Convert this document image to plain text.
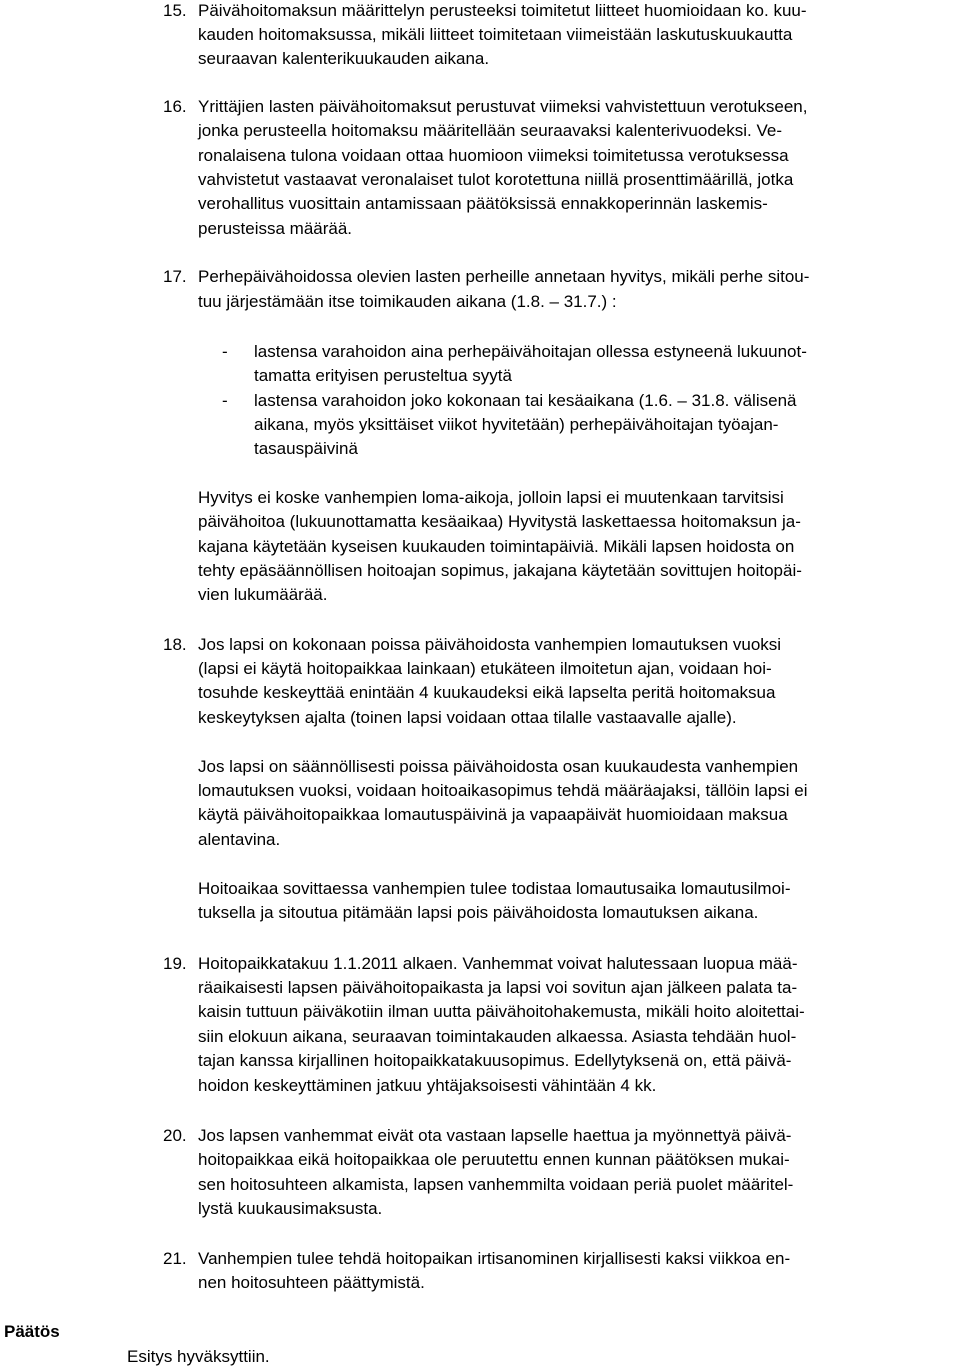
15. Päivähoitomaksun määrittelyn perusteeksi toimitetut liitteet huomioidaan ko. kuu-
kauden hoitomaksussa, mikäli liitteet toimitetaan viimeistään laskutuskuukautta
seuraavan kalenterikuukauden aikana.
16. Yrittäjien lasten päivähoitomaksut perustuvat viimeksi vahvistettuun verotukseen,
jonka perusteella hoitomaksu määritellään seuraavaksi kalenterivuodeksi. Ve-
ronalaisena tulona voidaan ottaa huomioon viimeksi toimitetussa verotuksessa
vahvistetut vastaavat veronalaiset tulot korotettuna niillä prosenttimäärillä, jotka
verohallitus vuosittain antamissaan päätöksissä ennakkoperinnän laskemis-
perusteissa määrää.
17. Perhepäivähoidossa olevien lasten perheille annetaan hyvitys, mikäli perhe sitou-
tuu järjestämään itse toimikauden aikana (1.8. – 31.7.) :
- lastensa varahoidon aina perhepäivähoitajan ollessa estyneenä lukuunot-
tamatta erityisen perusteltua syytä
- lastensa varahoidon joko kokonaan tai kesäaikana (1.6. – 31.8. välisenä
aikana, myös yksittäiset viikot hyvitetään) perhepäivähoitajan työajan-
tasauspäivinä
Hyvitys ei koske vanhempien loma-aikoja, jolloin lapsi ei muutenkaan tarvitsisi
päivähoitoa (lukuunottamatta kesäaikaa) Hyvitystä laskettaessa hoitomaksun ja-
kajana käytetään kyseisen kuukauden toimintapäiviä. Mikäli lapsen hoidosta on
tehty epäsäännöllisen hoitoajan sopimus, jakajana käytetään sovittujen hoitopäi-
vien lukumäärää.
18. Jos lapsi on kokonaan poissa päivähoidosta vanhempien lomautuksen vuoksi
(lapsi ei käytä hoitopaikkaa lainkaan) etukäteen ilmoitetun ajan, voidaan hoi-
tosuhde keskeyttää enintään 4 kuukaudeksi eikä lapselta peritä hoitomaksua
keskeytyksen ajalta (toinen lapsi voidaan ottaa tilalle vastaavalle ajalle).
Jos lapsi on säännöllisesti poissa päivähoidosta osan kuukaudesta vanhempien
lomautuksen vuoksi, voidaan hoitoaikasopimus tehdä määräajaksi, tällöin lapsi ei
käytä päivähoitopaikkaa lomautuspäivinä ja vapaapäivät huomioidaan maksua
alentavina.
Hoitoaikaa sovittaessa vanhempien tulee todistaa lomautusaika lomautusilmoi-
tuksella ja sitoutua pitämään lapsi pois päivähoidosta lomautuksen aikana.
19. Hoitopaikkatakuu 1.1.2011 alkaen. Vanhemmat voivat halutessaan luopua mää-
räaikaisesti lapsen päivähoitopaikasta ja lapsi voi sovitun ajan jälkeen palata ta-
kaisin tuttuun päiväkotiin ilman uutta päivähoitohakemusta, mikäli hoito aloitettai-
siin elokuun aikana, seuraavan toimintakauden alkaessa. Asiasta tehdään huol-
tajan kanssa kirjallinen hoitopaikkatakuusopimus. Edellytyksenä on, että päivä-
hoidon keskeyttäminen jatkuu yhtäjaksoisesti vähintään 4 kk.
20. Jos lapsen vanhemmat eivät ota vastaan lapselle haettua ja myönnettyä päivä-
hoitopaikkaa eikä hoitopaikkaa ole peruutettu ennen kunnan päätöksen mukai-
sen hoitosuhteen alkamista, lapsen vanhemmilta voidaan periä puolet määritel-
lystä kuukausimaksusta.
21. Vanhempien tulee tehdä hoitopaikan irtisanominen kirjallisesti kaksi viikkoa en-
nen hoitosuhteen päättymistä.
Päätös
Esitys hyväksyttiin.
